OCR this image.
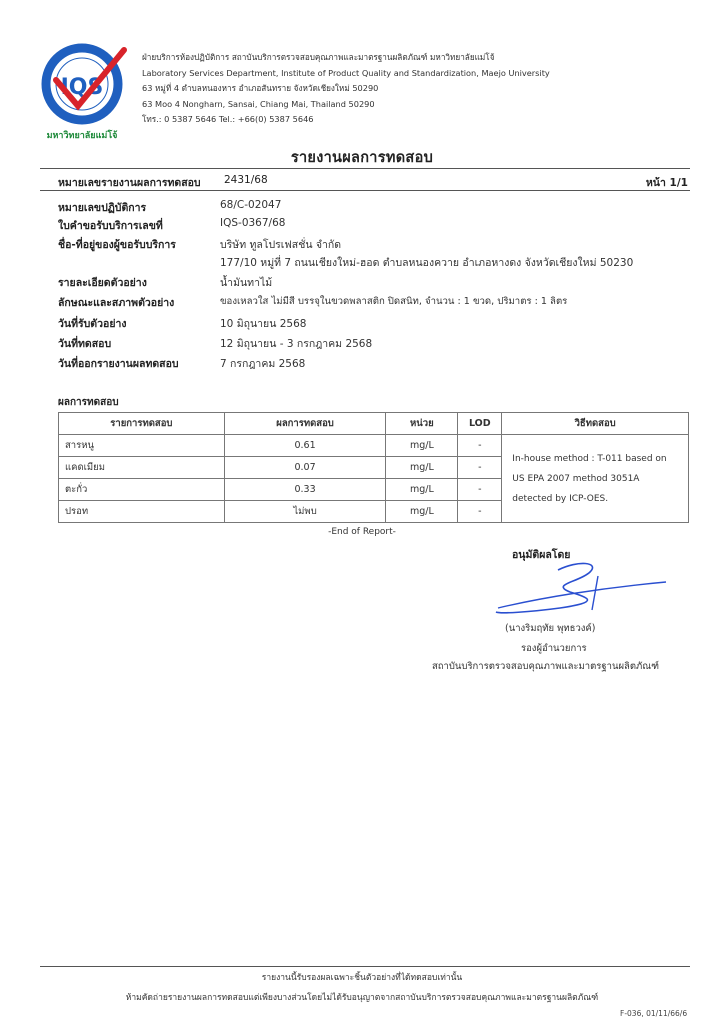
IQS
มหาวิทยาลัยแม่โจ้
ฝ่ายบริการห้องปฏิบัติการ สถาบันบริการตรวจสอบคุณภาพและมาตรฐานผลิตภัณฑ์ มหาวิทยาลัยแม่โจ้
Laboratory Services Department, Institute of Product Quality and Standardization, Maejo University
63 หมู่ที่ 4 ตำบลหนองหาร อำเภอสันทราย จังหวัดเชียงใหม่ 50290
63 Moo 4 Nongharn, Sansai, Chiang Mai, Thailand 50290
โทร.: 0 5387 5646 Tel.: +66(0) 5387 5646
รายงานผลการทดสอบ
หมายเลขรายงานผลการทดสอบ 2431/68	หน้า 1/1
หมายเลขปฏิบัติการ	68/C-02047
ใบคำขอรับบริการเลขที่	IQS-0367/68
ชื่อ-ที่อยู่ของผู้ขอรับบริการ	บริษัท ทูลโปรเฟสชั่น จำกัด
177/10 หมู่ที่ 7 ถนนเชียงใหม่-ฮอด ตำบลหนองควาย อำเภอหางดง จังหวัดเชียงใหม่ 50230
รายละเอียดตัวอย่าง	น้ำมันทาไม้
ลักษณะและสภาพตัวอย่าง	ของเหลวใส ไม่มีสี บรรจุในขวดพลาสติก ปิดสนิท, จำนวน : 1 ขวด, ปริมาตร : 1 ลิตร
วันที่รับตัวอย่าง	10 มิถุนายน 2568
วันที่ทดสอบ	12 มิถุนายน - 3 กรกฎาคม 2568
วันที่ออกรายงานผลทดสอบ	7 กรกฎาคม 2568
ผลการทดสอบ
รายการทดสอบ	ผลการทดสอบ	หน่วย	LOD	วิธีทดสอบ
สารหนู	0.61	mg/L	-	In-house method : T-011 based on US EPA 2007 method 3051A detected by ICP-OES.
แคดเมียม	0.07	mg/L	-	
ตะกั่ว	0.33	mg/L	-	
ปรอท	ไม่พบ	mg/L	-	
-End of Report-
อนุมัติผลโดย
(นางริมฤทัย พุทธวงค์)
รองผู้อำนวยการ
สถาบันบริการตรวจสอบคุณภาพและมาตรฐานผลิตภัณฑ์
รายงานนี้รับรองผลเฉพาะชิ้นตัวอย่างที่ได้ทดสอบเท่านั้น
ห้ามคัดถ่ายรายงานผลการทดสอบแต่เพียงบางส่วนโดยไม่ได้รับอนุญาตจากสถาบันบริการตรวจสอบคุณภาพและมาตรฐานผลิตภัณฑ์
F-036, 01/11/66/6
